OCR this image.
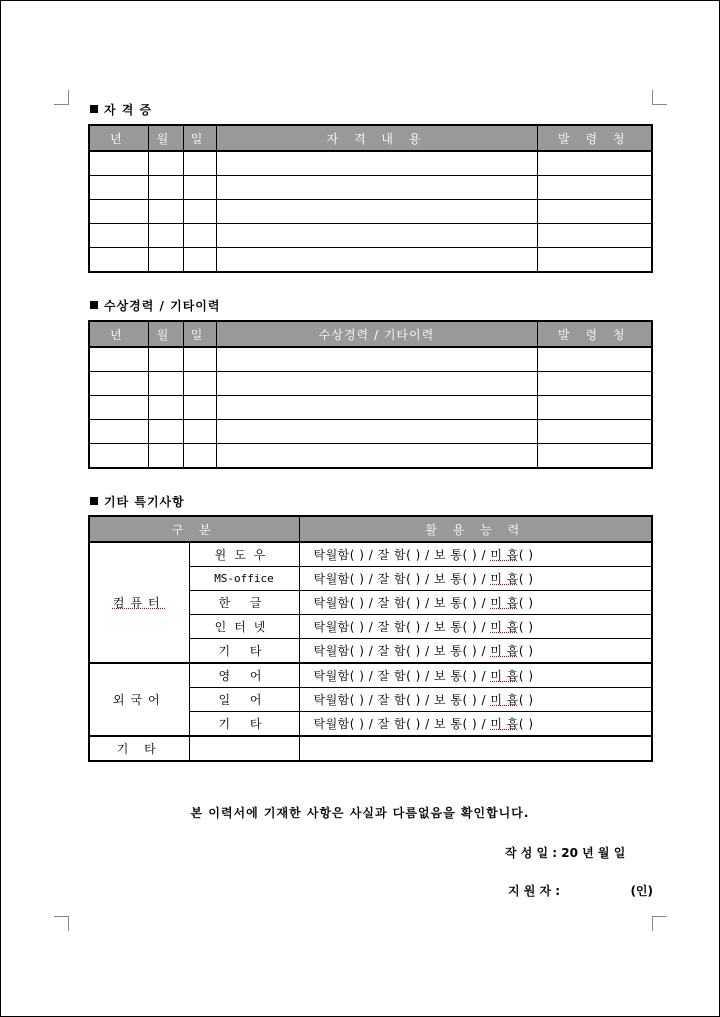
자 격 증
년	월	일	자 격 내 용	발 령 청

수상경력 / 기타이력
년	월	일	수상경력 / 기타이력	발 령 청

기타 특기사항
구 분		활 용 능 력
컴퓨터	윈도우	탁월함( ) / 잘 함( ) / 보 통( ) / 미 흡( )
	MS-office	탁월함( ) / 잘 함( ) / 보 통( ) / 미 흡( )
	한 글	탁월함( ) / 잘 함( ) / 보 통( ) / 미 흡( )
	인터넷	탁월함( ) / 잘 함( ) / 보 통( ) / 미 흡( )
	기 타	탁월함( ) / 잘 함( ) / 보 통( ) / 미 흡( )
외국어	영 어	탁월함( ) / 잘 함( ) / 보 통( ) / 미 흡( )
	일 어	탁월함( ) / 잘 함( ) / 보 통( ) / 미 흡( )
	기 타	탁월함( ) / 잘 함( ) / 보 통( ) / 미 흡( )
기 타		
본 이력서에 기재한 사항은 사실과 다름없음을 확인합니다.
작 성 일 : 20 년 월 일
지 원 자 :	(인)
